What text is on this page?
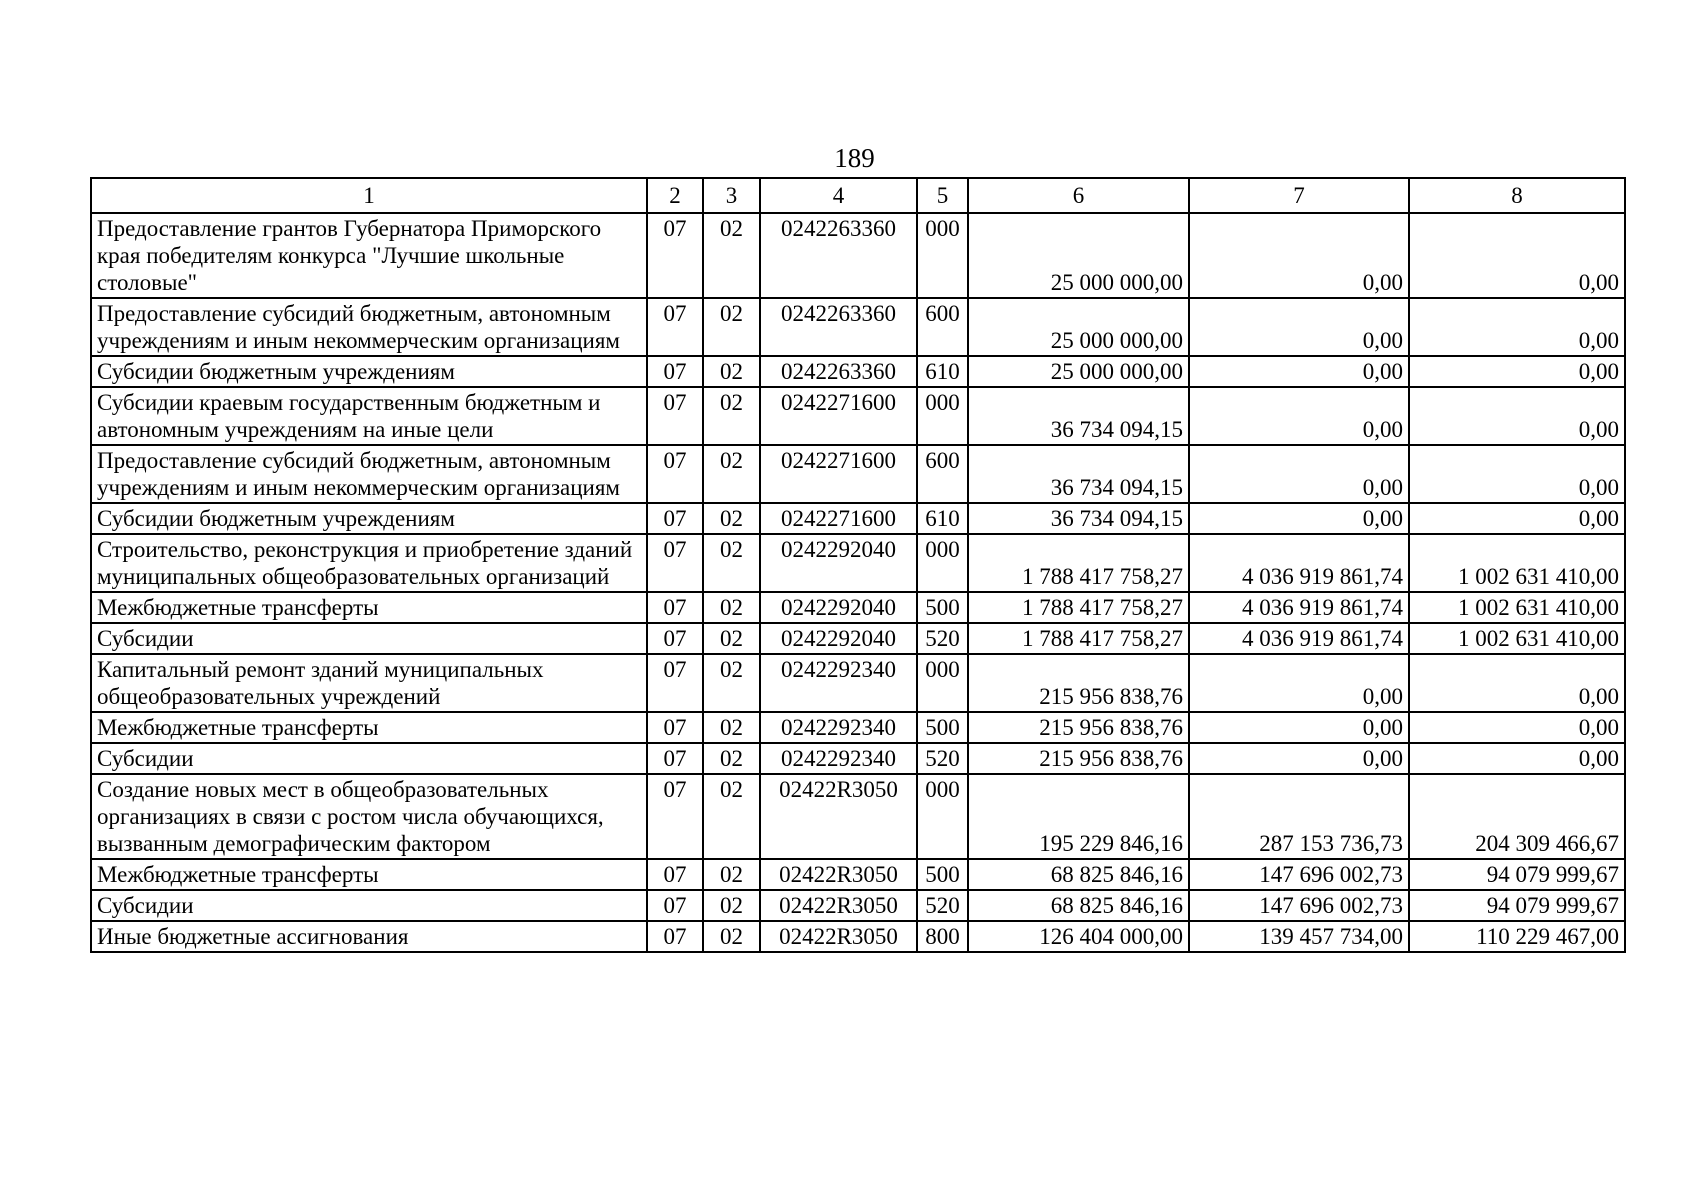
189
1	2	3	4	5	6	7	8
Предоставление грантов Губернатора Приморского края победителям конкурса "Лучшие школьные столовые"	07	02	0242263360	000	25 000 000,00	0,00	0,00
Предоставление субсидий бюджетным, автономным учреждениям и иным некоммерческим организациям	07	02	0242263360	600	25 000 000,00	0,00	0,00
Субсидии бюджетным учреждениям	07	02	0242263360	610	25 000 000,00	0,00	0,00
Субсидии краевым государственным бюджетным и автономным учреждениям на иные цели	07	02	0242271600	000	36 734 094,15	0,00	0,00
Предоставление субсидий бюджетным, автономным учреждениям и иным некоммерческим организациям	07	02	0242271600	600	36 734 094,15	0,00	0,00
Субсидии бюджетным учреждениям	07	02	0242271600	610	36 734 094,15	0,00	0,00
Строительство, реконструкция и приобретение зданий муниципальных общеобразовательных организаций	07	02	0242292040	000	1 788 417 758,27	4 036 919 861,74	1 002 631 410,00
Межбюджетные трансферты	07	02	0242292040	500	1 788 417 758,27	4 036 919 861,74	1 002 631 410,00
Субсидии	07	02	0242292040	520	1 788 417 758,27	4 036 919 861,74	1 002 631 410,00
Капитальный ремонт зданий муниципальных общеобразовательных учреждений	07	02	0242292340	000	215 956 838,76	0,00	0,00
Межбюджетные трансферты	07	02	0242292340	500	215 956 838,76	0,00	0,00
Субсидии	07	02	0242292340	520	215 956 838,76	0,00	0,00
Создание новых мест в общеобразовательных организациях в связи с ростом числа обучающихся, вызванным демографическим фактором	07	02	02422R3050	000	195 229 846,16	287 153 736,73	204 309 466,67
Межбюджетные трансферты	07	02	02422R3050	500	68 825 846,16	147 696 002,73	94 079 999,67
Субсидии	07	02	02422R3050	520	68 825 846,16	147 696 002,73	94 079 999,67
Иные бюджетные ассигнования	07	02	02422R3050	800	126 404 000,00	139 457 734,00	110 229 467,00
